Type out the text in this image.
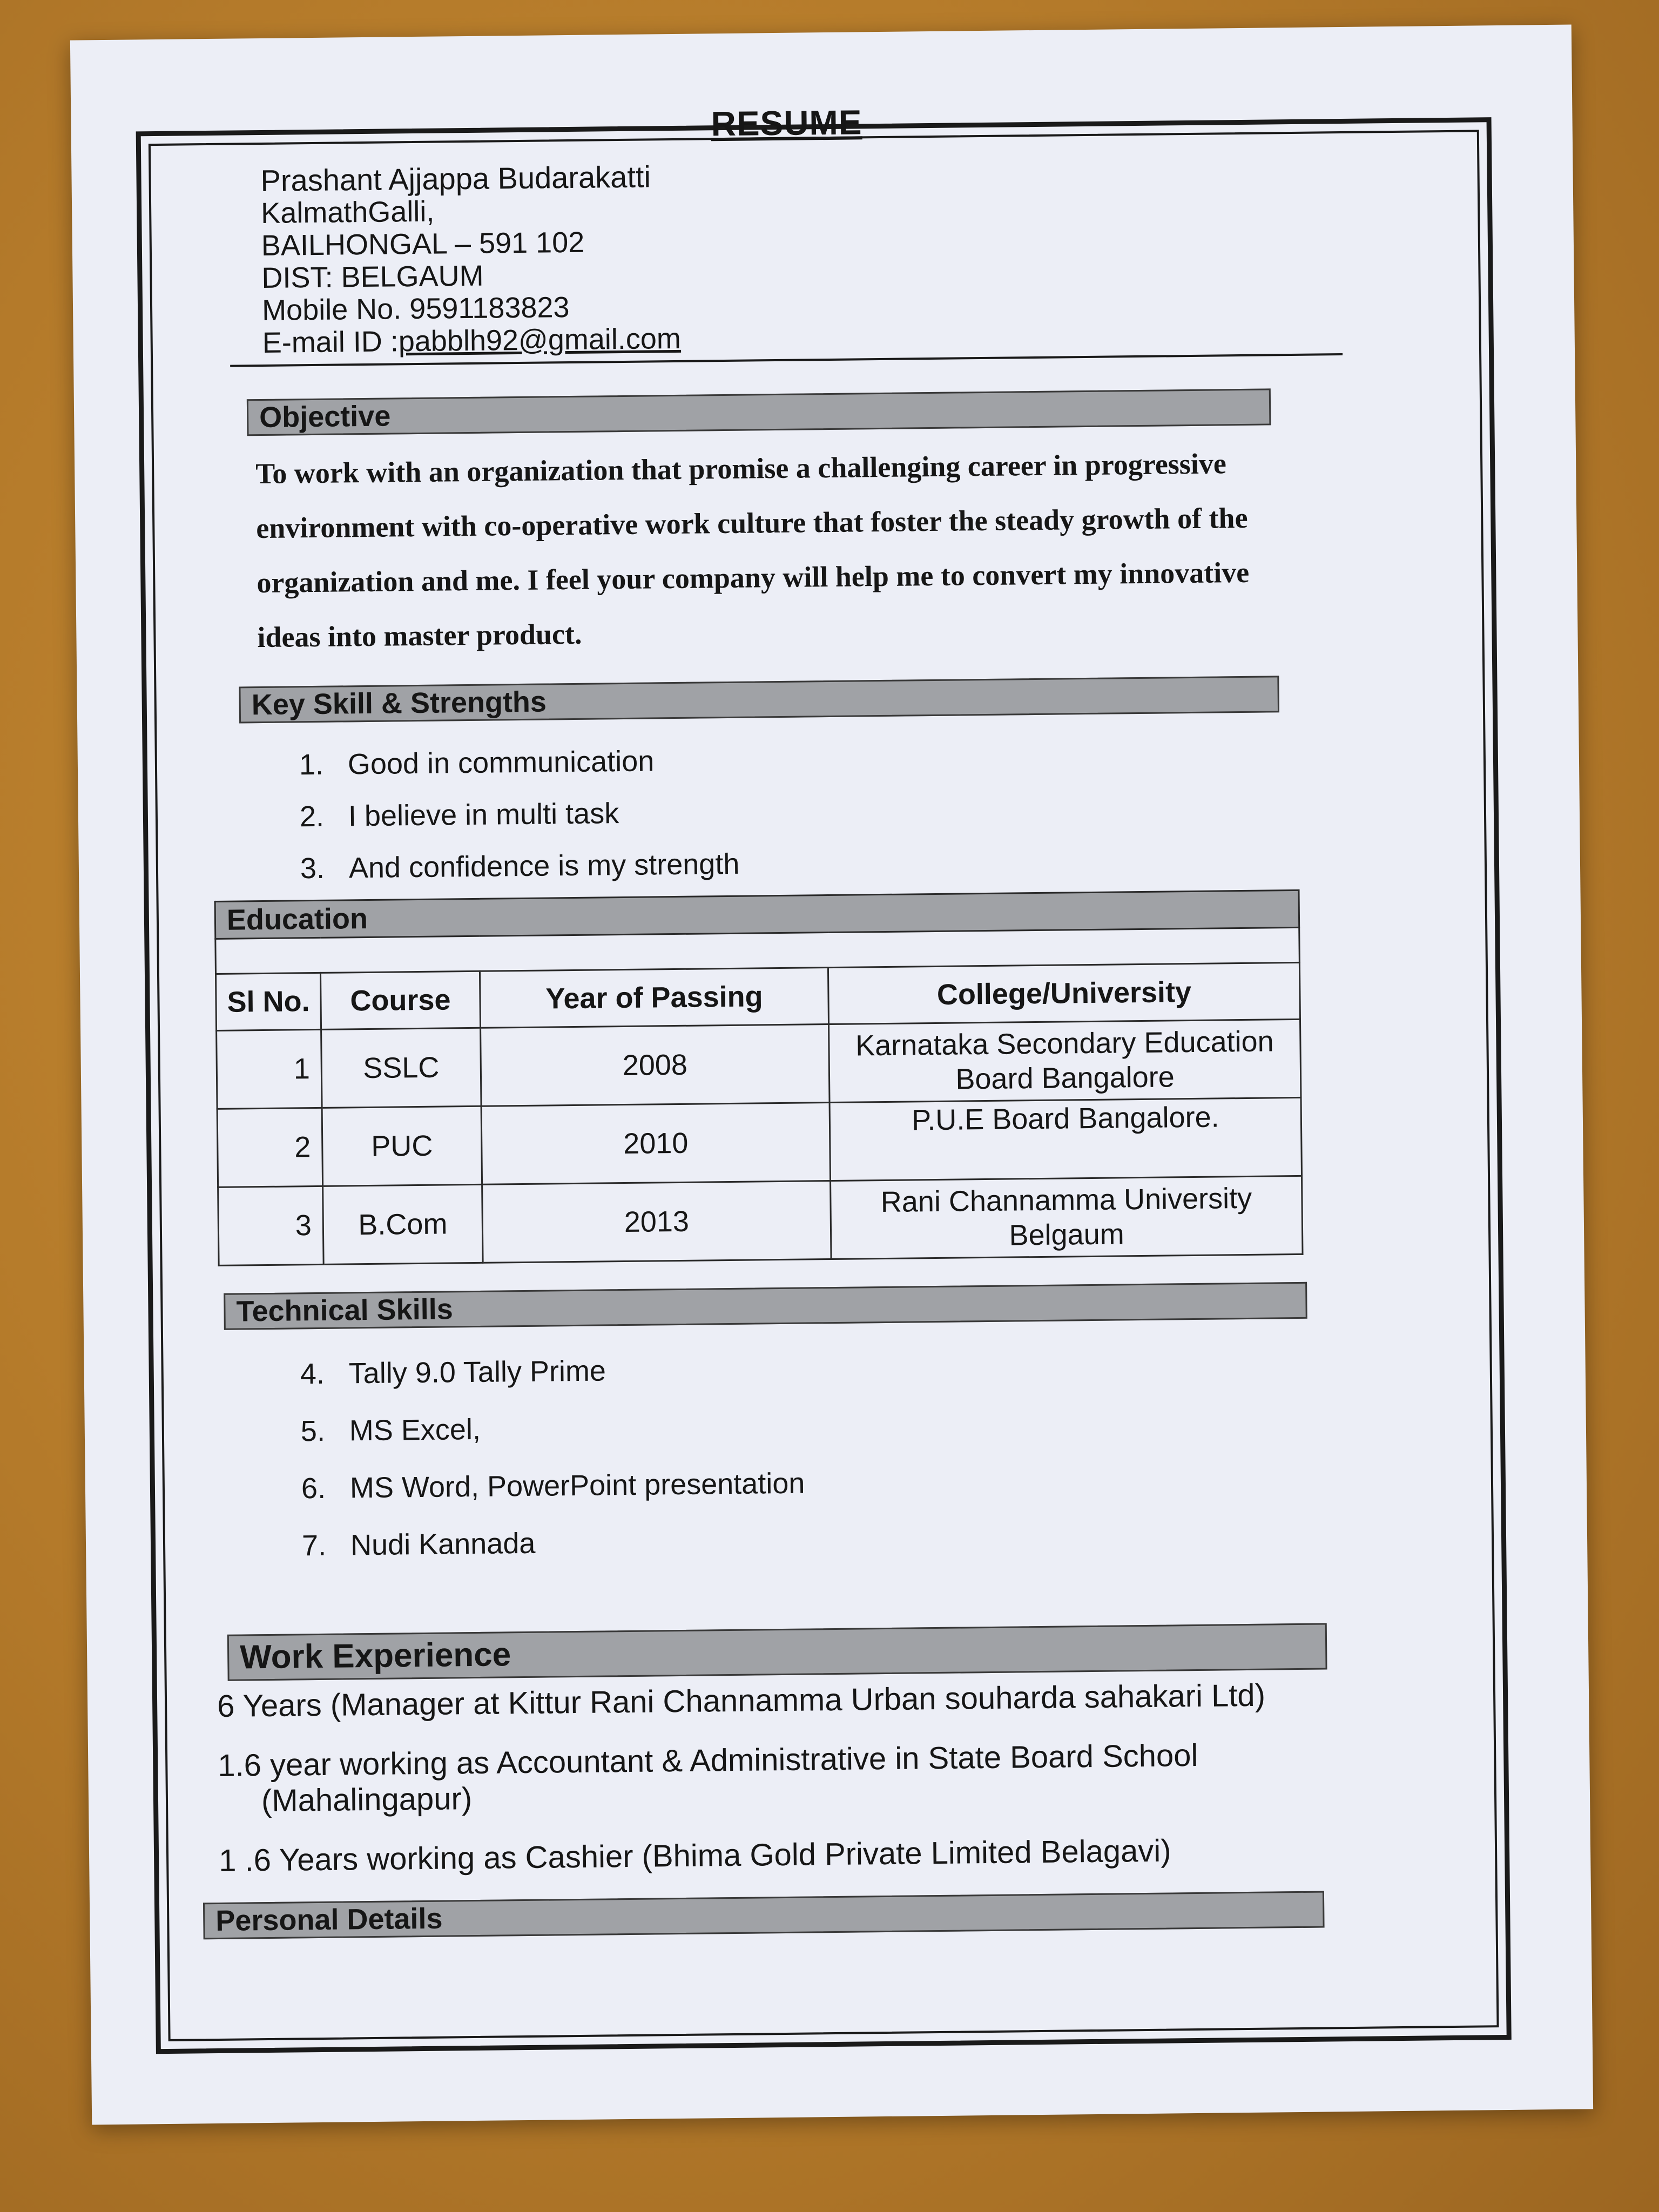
RESUME
Prashant Ajjappa Budarakatti
KalmathGalli,
BAILHONGAL – 591 102
DIST: BELGAUM
Mobile No. 9591183823
E-mail ID :pabblh92@gmail.com
Objective
To work with an organization that promise a challenging career in progressive environment with co-operative work culture that foster the steady growth of the organization and me. I feel your company will help me to convert my innovative ideas into master product.
Key Skill & Strengths
1. Good in communication
2. I believe in multi task
3. And confidence is my strength
Education			

Sl No.	Course	Year of Passing	College/University
1	SSLC	2008	Karnataka Secondary Education Board Bangalore
2	PUC	2010	P.U.E Board Bangalore.
3	B.Com	2013	Rani Channamma University Belgaum
Technical Skills
4. Tally 9.0 Tally Prime
5. MS Excel,
6. MS Word, PowerPoint presentation
7. Nudi Kannada
Work Experience

6 Years (Manager at Kittur Rani Channamma Urban souharda sahakari Ltd)

1.6 year working as Accountant & Administrative in State Board School
(Mahalingapur)

1 .6 Years working as Cashier (Bhima Gold Private Limited Belagavi)

Personal Details
